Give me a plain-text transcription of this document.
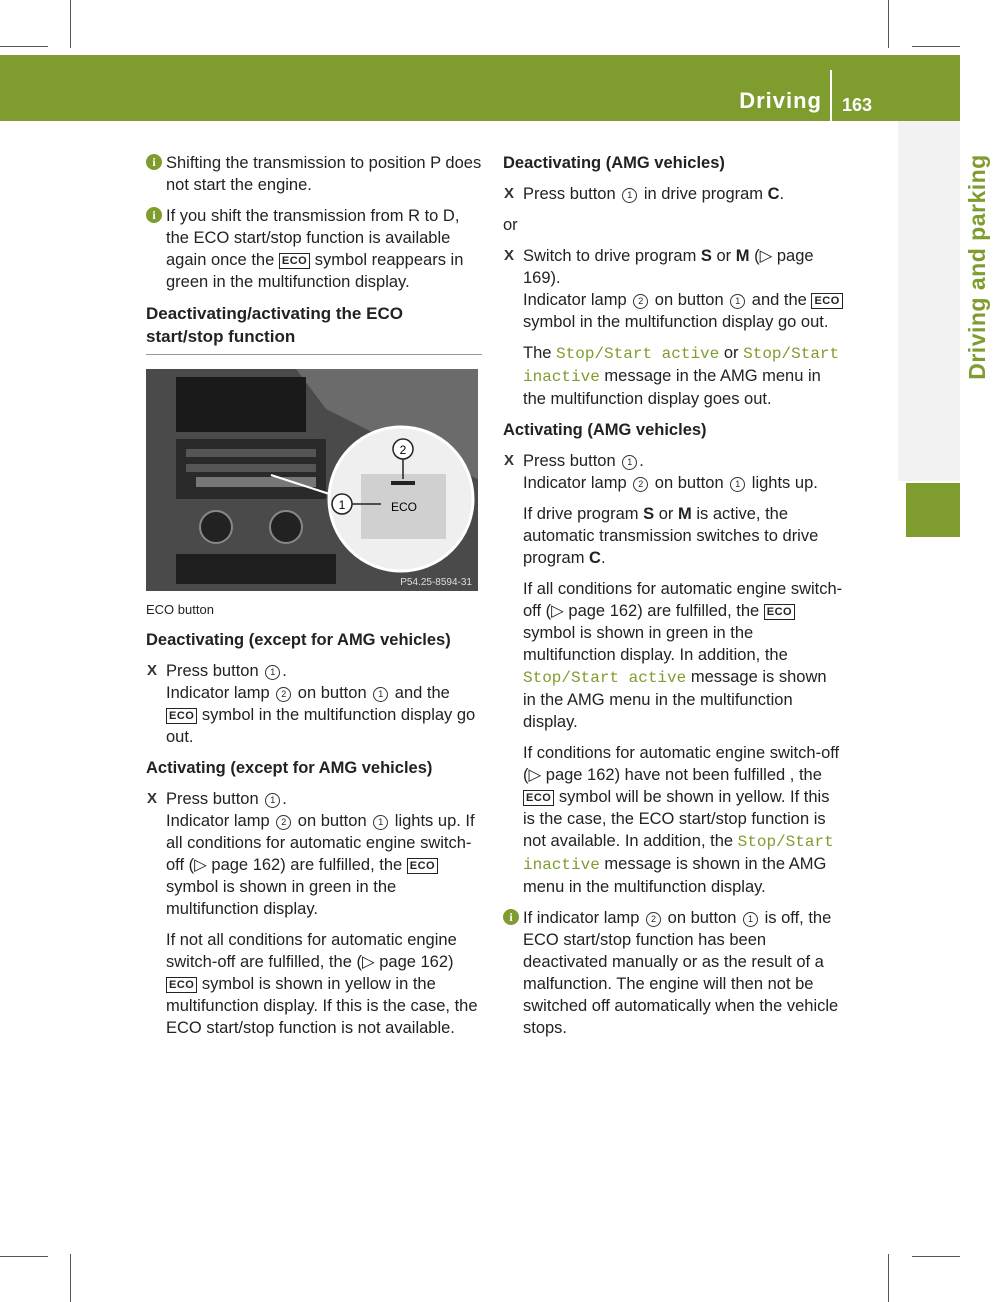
Driving 163
Driving and parking

i Shifting the transmission to position P does not start the engine.

i If you shift the transmission from R to D, the ECO start/stop function is available again once the ECO symbol reappears in green in the multifunction display.

Deactivating/activating the ECO start/stop function
2
1	ECO
P54.25-8594-31

ECO button

Deactivating (except for AMG vehicles)

X Press button 1 .
Indicator lamp 2 on button 1 and the ECO symbol in the multifunction display go out.

Activating (except for AMG vehicles)

X Press button 1 .
Indicator lamp 2 on button 1 lights up. If all conditions for automatic engine switch-off (▷ page 162) are fulfilled, the ECO symbol is shown in green in the multifunction display.

If not all conditions for automatic engine switch-off are fulfilled, the (▷ page 162) ECO symbol is shown in yellow in the multifunction display. If this is the case, the ECO start/stop function is not available.

Deactivating (AMG vehicles)

X Press button 1 in drive program C.

or

X Switch to drive program S or M (▷ page 169).
Indicator lamp 2 on button 1 and the ECO symbol in the multifunction display go out.

The Stop/Start active or Stop/Start inactive message in the AMG menu in the multifunction display goes out.

Activating (AMG vehicles)

X Press button 1 .
Indicator lamp 2 on button 1 lights up.

If drive program S or M is active, the automatic transmission switches to drive program C.

If all conditions for automatic engine switch-off (▷ page 162) are fulfilled, the ECO symbol is shown in green in the multifunction display. In addition, the Stop/Start active message is shown in the AMG menu in the multifunction display.

If conditions for automatic engine switch-off (▷ page 162) have not been fulfilled , the ECO symbol will be shown in yellow. If this is the case, the ECO start/stop function is not available. In addition, the Stop/Start inactive message is shown in the AMG menu in the multifunction display.

i If indicator lamp 2 on button 1 is off, the ECO start/stop function has been deactivated manually or as the result of a malfunction. The engine will then not be switched off automatically when the vehicle stops.
